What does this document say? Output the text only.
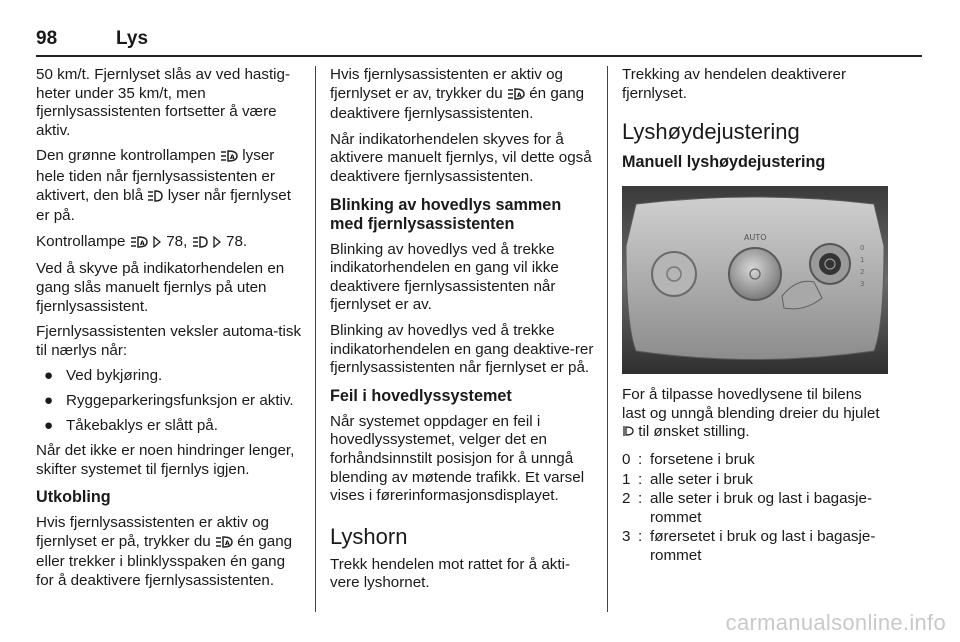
98	Lys

50 km/t. Fjernlyset slås av ved hastig-heter under 35 km/t, men fjernlysassistenten fortsetter å være aktiv.

Den grønne kontrollampen A lyser hele tiden når fjernlysassistenten er aktivert, den blå lyser når fjernlyset er på.

Kontrollampe A 78,	78.

Ved å skyve på indikatorhendelen en gang slås manuelt fjernlys på uten fjernlysassistent.

Fjernlysassistenten veksler automa-tisk til nærlys når:

● Ved bykjøring.
● Ryggeparkeringsfunksjon er aktiv.
● Tåkebaklys er slått på.

Når det ikke er noen hindringer lenger, skifter systemet til fjernlys igjen.

Utkobling

Hvis fjernlysassistenten er aktiv og fjernlyset er på, trykker du A én gang eller trekker i blinklysspaken én gang for å deaktivere fjernlysassistenten.

Hvis fjernlysassistenten er aktiv og fjernlyset er av, trykker du A én gang deaktivere fjernlysassistenten.

Når indikatorhendelen skyves for å aktivere manuelt fjernlys, vil dette også deaktivere fjernlysassistenten.

Blinking av hovedlys sammen med fjernlysassistenten

Blinking av hovedlys ved å trekke indikatorhendelen en gang vil ikke deaktivere fjernlysassistenten når fjernlyset er av.

Blinking av hovedlys ved å trekke indikatorhendelen en gang deaktive-rer fjernlysassistenten når fjernlyset er på.

Feil i hovedlyssystemet

Når systemet oppdager en feil i hovedlyssystemet, velger det en forhåndsinnstilt posisjon for å unngå blending av møtende trafikk. Et varsel vises i førerinformasjonsdisplayet.

Lyshorn

Trekk hendelen mot rattet for å akti-vere lyshornet.

Trekking av hendelen deaktiverer fjernlyset.

Lyshøydejustering
Manuell lyshøydejustering
AUTO
0
1
2
3

For å tilpasse hovedlysene til bilens last og unngå blending dreier du hjulet  til ønsket stilling.

0 : forsetene i bruk
1 : alle seter i bruk
2 : alle seter i bruk og last i bagasje-rommet
3 : førersetet i bruk og last i bagasje-rommet
carmanualsonline.info
